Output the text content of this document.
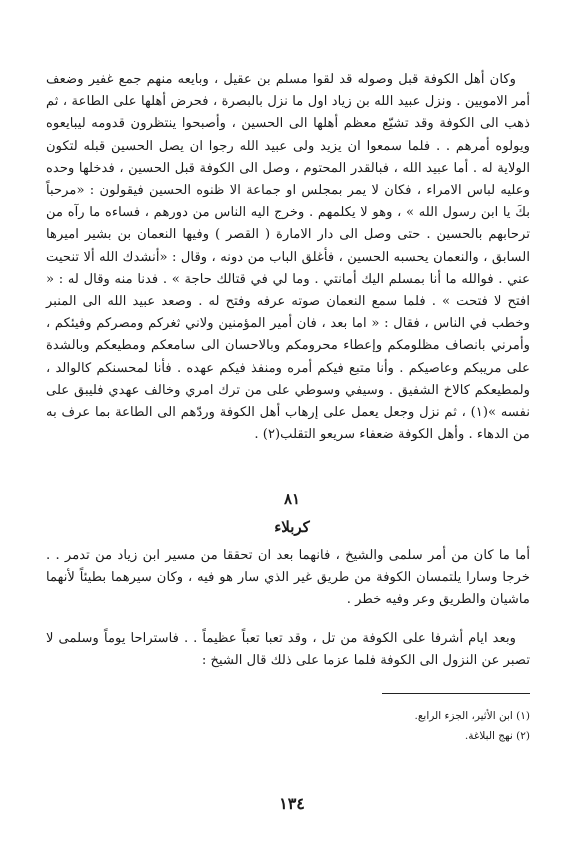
وكان أهل الكوفة قبل وصوله قد لقوا مسلم بن عقيل ، وبايعه منهم جمع غفير وضعف أمر الامويين . ونزل عبيد الله بن زياد اول ما نزل بالبصرة ، فحرض أهلها على الطاعة ، ثم ذهب الى الكوفة وقد تشيّع معظم أهلها الى الحسين ، وأصبحوا ينتظرون قدومه ليبايعوه ويولوه أمرهم . . فلما سمعوا ان يزيد ولى عبيد الله رجوا ان يصل الحسين قبله لتكون الولاية له . أما عبيد الله ، فبالقدر المحتوم ، وصل الى الكوفة قبل الحسين ، فدخلها وحده وعليه لباس الامراء ، فكان لا يمر بمجلس او جماعة الا ظنوه الحسين فيقولون : «مرحباً بكَ يا ابن رسول الله » ، وهو لا يكلمهم . وخرج اليه الناس من دورهم ، فساءه ما رآه من ترحابهم بالحسين . حتى وصل الى دار الامارة ( القصر ) وفيها النعمان بن بشير اميرها السابق ، والنعمان يحسبه الحسين ، فأغلق الباب من دونه ، وقال : «أنشدك الله ألا تنحيت عني . فوالله ما أنا بمسلم اليك أمانتي . وما لي في قتالك حاجة » . فدنا منه وقال له : « افتح لا فتحت » . فلما سمع النعمان صوته عرفه وفتح له . وصعد عبيد الله الى المنبر وخطب في الناس ، فقال : « اما بعد ، فان أمير المؤمنين ولاني ثغركم ومصركم وفيئكم ، وأمرني بانصاف مظلومكم وإعطاء محرومكم وبالاحسان الى سامعكم ومطيعكم وبالشدة على مريبكم وعاصيكم . وأنا متبع فيكم أمره ومنفذ فيكم عهده . فأنا لمحسنكم كالوالد ، ولمطيعكم كالاخ الشفيق . وسيفي وسوطي على من ترك امري وخالف عهدي فليبق على نفسه »(١) ، ثم نزل وجعل يعمل على إرهاب أهل الكوفة وردّهم الى الطاعة بما عرف به من الدهاء . وأهل الكوفة ضعفاء سريعو التقلب(٢) .

٨١
كربلاء

أما ما كان من أمر سلمى والشيخ ، فانهما بعد ان تحققا من مسير ابن زياد من تدمر . . خرجا وسارا يلتمسان الكوفة من طريق غير الذي سار هو فيه ، وكان سيرهما بطيئاً لأنهما ماشيان والطريق وعر وفيه خطر .

وبعد ايام أشرفا على الكوفة من تل ، وقد تعبا تعباً عظيماً . . فاستراحا يوماً وسلمى لا تصبر عن النزول الى الكوفة فلما عزما على ذلك قال الشيخ :

(١) ابن الأثير، الجزء الرابع.

(٢) نهج البلاغة.

١٣٤
